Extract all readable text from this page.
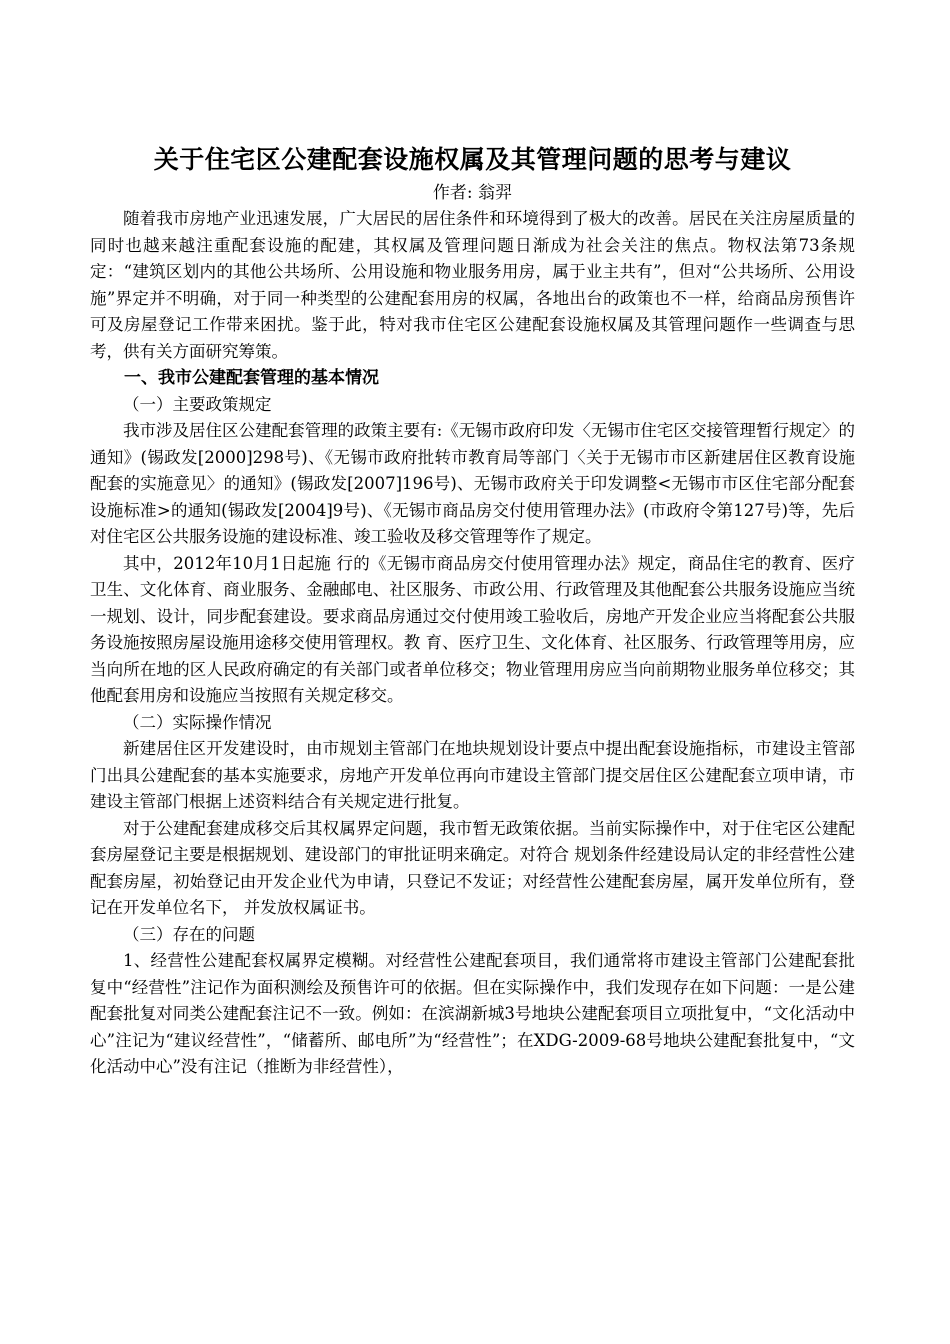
关于住宅区公建配套设施权属及其管理问题的思考与建议
作者: 翁羿

随着我市房地产业迅速发展，广大居民的居住条件和环境得到了极大的改善。居民在关注房屋质量的同时也越来越注重配套设施的配建，其权属及管理问题日渐成为社会关注的焦点。物权法第73条规定：“建筑区划内的其他公共场所、公用设施和物业服务用房，属于业主共有”，但对“公共场所、公用设施”界定并不明确，对于同一种类型的公建配套用房的权属，各地出台的政策也不一样，给商品房预售许可及房屋登记工作带来困扰。鉴于此，特对我市住宅区公建配套设施权属及其管理问题作一些调查与思考，供有关方面研究筹策。

一、我市公建配套管理的基本情况

（一）主要政策规定

我市涉及居住区公建配套管理的政策主要有:《无锡市政府印发〈无锡市住宅区交接管理暂行规定〉的通知》(锡政发[2000]298号)、《无锡市政府批转市教育局等部门〈关于无锡市市区新建居住区教育设施配套的实施意见〉的通知》(锡政发[2007]196号)、无锡市政府关于印发调整<无锡市市区住宅部分配套设施标准>的通知(锡政发[2004]9号)、《无锡市商品房交付使用管理办法》(市政府令第127号)等，先后对住宅区公共服务设施的建设标准、竣工验收及移交管理等作了规定。

其中，2012年10月1日起施 行的《无锡市商品房交付使用管理办法》规定，商品住宅的教育、医疗卫生、文化体育、商业服务、金融邮电、社区服务、市政公用、行政管理及其他配套公共服务设施应当统一规划、设计，同步配套建设。要求商品房通过交付使用竣工验收后，房地产开发企业应当将配套公共服务设施按照房屋设施用途移交使用管理权。教 育、医疗卫生、文化体育、社区服务、行政管理等用房，应当向所在地的区人民政府确定的有关部门或者单位移交；物业管理用房应当向前期物业服务单位移交；其 他配套用房和设施应当按照有关规定移交。

（二）实际操作情况

新建居住区开发建设时，由市规划主管部门在地块规划设计要点中提出配套设施指标，市建设主管部门出具公建配套的基本实施要求，房地产开发单位再向市建设主管部门提交居住区公建配套立项申请，市建设主管部门根据上述资料结合有关规定进行批复。

对于公建配套建成移交后其权属界定问题，我市暂无政策依据。当前实际操作中，对于住宅区公建配套房屋登记主要是根据规划、建设部门的审批证明来确定。对符合 规划条件经建设局认定的非经营性公建配套房屋，初始登记由开发企业代为申请，只登记不发证；对经营性公建配套房屋，属开发单位所有，登记在开发单位名下， 并发放权属证书。

（三）存在的问题

1、经营性公建配套权属界定模糊。对经营性公建配套项目，我们通常将市建设主管部门公建配套批复中“经营性”注记作为面积测绘及预售许可的依据。但在实际操作中，我们发现存在如下问题：一是公建配套批复对同类公建配套注记不一致。例如：在滨湖新城3号地块公建配套项目立项批复中，“文化活动中心”注记为“建议经营性”，“储蓄所、邮电所”为“经营性”；在XDG-2009-68号地块公建配套批复中，“文化活动中心”没有注记（推断为非经营性），
